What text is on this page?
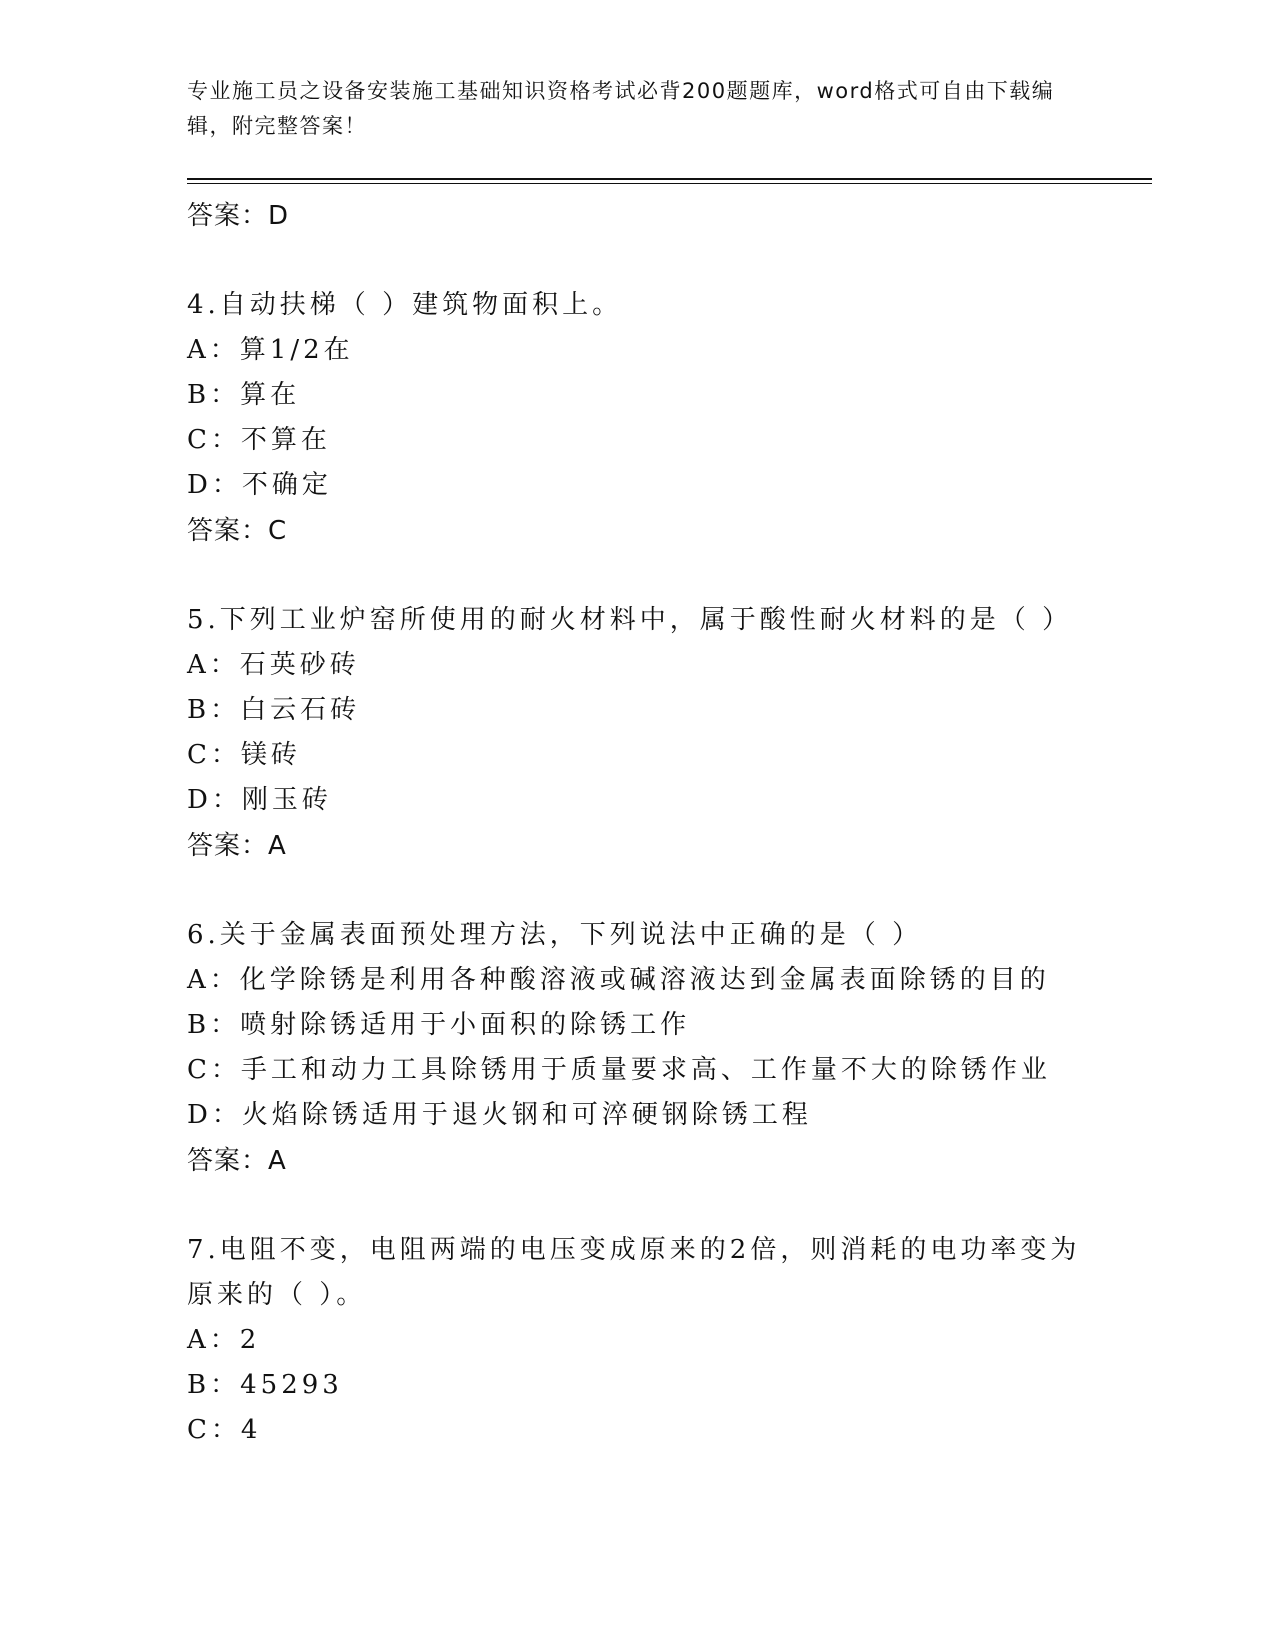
专业施工员之设备安装施工基础知识资格考试必背200题题库，word格式可自由下载编辑，附完整答案！
答案：D

4.自动扶梯（ ）建筑物面积上。

A：算1/2在
B：算在
C：不算在
D：不确定
答案：C

5.下列工业炉窑所使用的耐火材料中，属于酸性耐火材料的是（ ）

A：石英砂砖
B：白云石砖
C：镁砖
D：刚玉砖
答案：A

6.关于金属表面预处理方法，下列说法中正确的是（ ）

A：化学除锈是利用各种酸溶液或碱溶液达到金属表面除锈的目的
B：喷射除锈适用于小面积的除锈工作
C：手工和动力工具除锈用于质量要求高、工作量不大的除锈作业
D：火焰除锈适用于退火钢和可淬硬钢除锈工程
答案：A

7.电阻不变，电阻两端的电压变成原来的2倍，则消耗的电功率变为原来的（ ）。

A：2
B：45293
C：4
